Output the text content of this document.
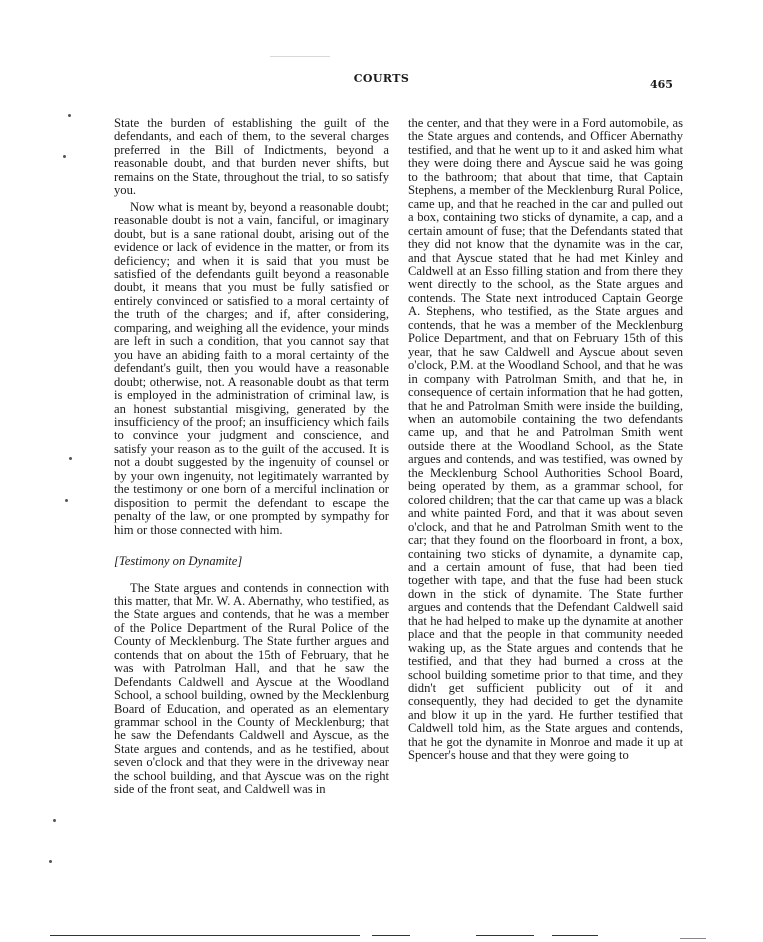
COURTS	465

State the burden of establishing the guilt of the defendants, and each of them, to the several charges preferred in the Bill of Indictments, beyond a reasonable doubt, and that burden never shifts, but remains on the State, throughout the trial, to so satisfy you.

Now what is meant by, beyond a reasonable doubt; reasonable doubt is not a vain, fanciful, or imaginary doubt, but is a sane rational doubt, arising out of the evidence or lack of evidence in the matter, or from its deficiency; and when it is said that you must be satisfied of the defendants guilt beyond a reasonable doubt, it means that you must be fully satisfied or entirely convinced or satisfied to a moral certainty of the truth of the charges; and if, after considering, comparing, and weighing all the evidence, your minds are left in such a condition, that you cannot say that you have an abiding faith to a moral certainty of the defendant's guilt, then you would have a reasonable doubt; otherwise, not. A reasonable doubt as that term is employed in the administration of criminal law, is an honest substantial misgiving, generated by the insufficiency of the proof; an insufficiency which fails to convince your judgment and conscience, and satisfy your reason as to the guilt of the accused. It is not a doubt suggested by the ingenuity of counsel or by your own ingenuity, not legitimately warranted by the testimony or one born of a merciful inclination or disposition to permit the defendant to escape the penalty of the law, or one prompted by sympathy for him or those connected with him.

[Testimony on Dynamite]

The State argues and contends in connection with this matter, that Mr. W. A. Abernathy, who testified, as the State argues and contends, that he was a member of the Police Department of the Rural Police of the County of Mecklenburg. The State further argues and contends that on about the 15th of February, that he was with Patrolman Hall, and that he saw the Defendants Caldwell and Ayscue at the Woodland School, a school building, owned by the Mecklenburg Board of Education, and operated as an elementary grammar school in the County of Mecklenburg; that he saw the Defendants Caldwell and Ayscue, as the State argues and contends, and as he testified, about seven o'clock and that they were in the driveway near the school building, and that Ayscue was on the right side of the front seat, and Caldwell was in

the center, and that they were in a Ford automobile, as the State argues and contends, and Officer Abernathy testified, and that he went up to it and asked him what they were doing there and Ayscue said he was going to the bathroom; that about that time, that Captain Stephens, a member of the Mecklenburg Rural Police, came up, and that he reached in the car and pulled out a box, containing two sticks of dynamite, a cap, and a certain amount of fuse; that the Defendants stated that they did not know that the dynamite was in the car, and that Ayscue stated that he had met Kinley and Caldwell at an Esso filling station and from there they went directly to the school, as the State argues and contends. The State next introduced Captain George A. Stephens, who testified, as the State argues and contends, that he was a member of the Mecklenburg Police Department, and that on February 15th of this year, that he saw Caldwell and Ayscue about seven o'clock, P.M. at the Woodland School, and that he was in company with Patrolman Smith, and that he, in consequence of certain information that he had gotten, that he and Patrolman Smith were inside the building, when an automobile containing the two defendants came up, and that he and Patrolman Smith went outside there at the Woodland School, as the State argues and contends, and was testified, was owned by the Mecklenburg School Authorities School Board, being operated by them, as a grammar school, for colored children; that the car that came up was a black and white painted Ford, and that it was about seven o'clock, and that he and Patrolman Smith went to the car; that they found on the floorboard in front, a box, containing two sticks of dynamite, a dynamite cap, and a certain amount of fuse, that had been tied together with tape, and that the fuse had been stuck down in the stick of dynamite. The State further argues and contends that the Defendant Caldwell said that he had helped to make up the dynamite at another place and that the people in that community needed waking up, as the State argues and contends that he testified, and that they had burned a cross at the school building sometime prior to that time, and they didn't get sufficient publicity out of it and consequently, they had decided to get the dynamite and blow it up in the yard. He further testified that Caldwell told him, as the State argues and contends, that he got the dynamite in Monroe and made it up at Spencer's house and that they were going to
